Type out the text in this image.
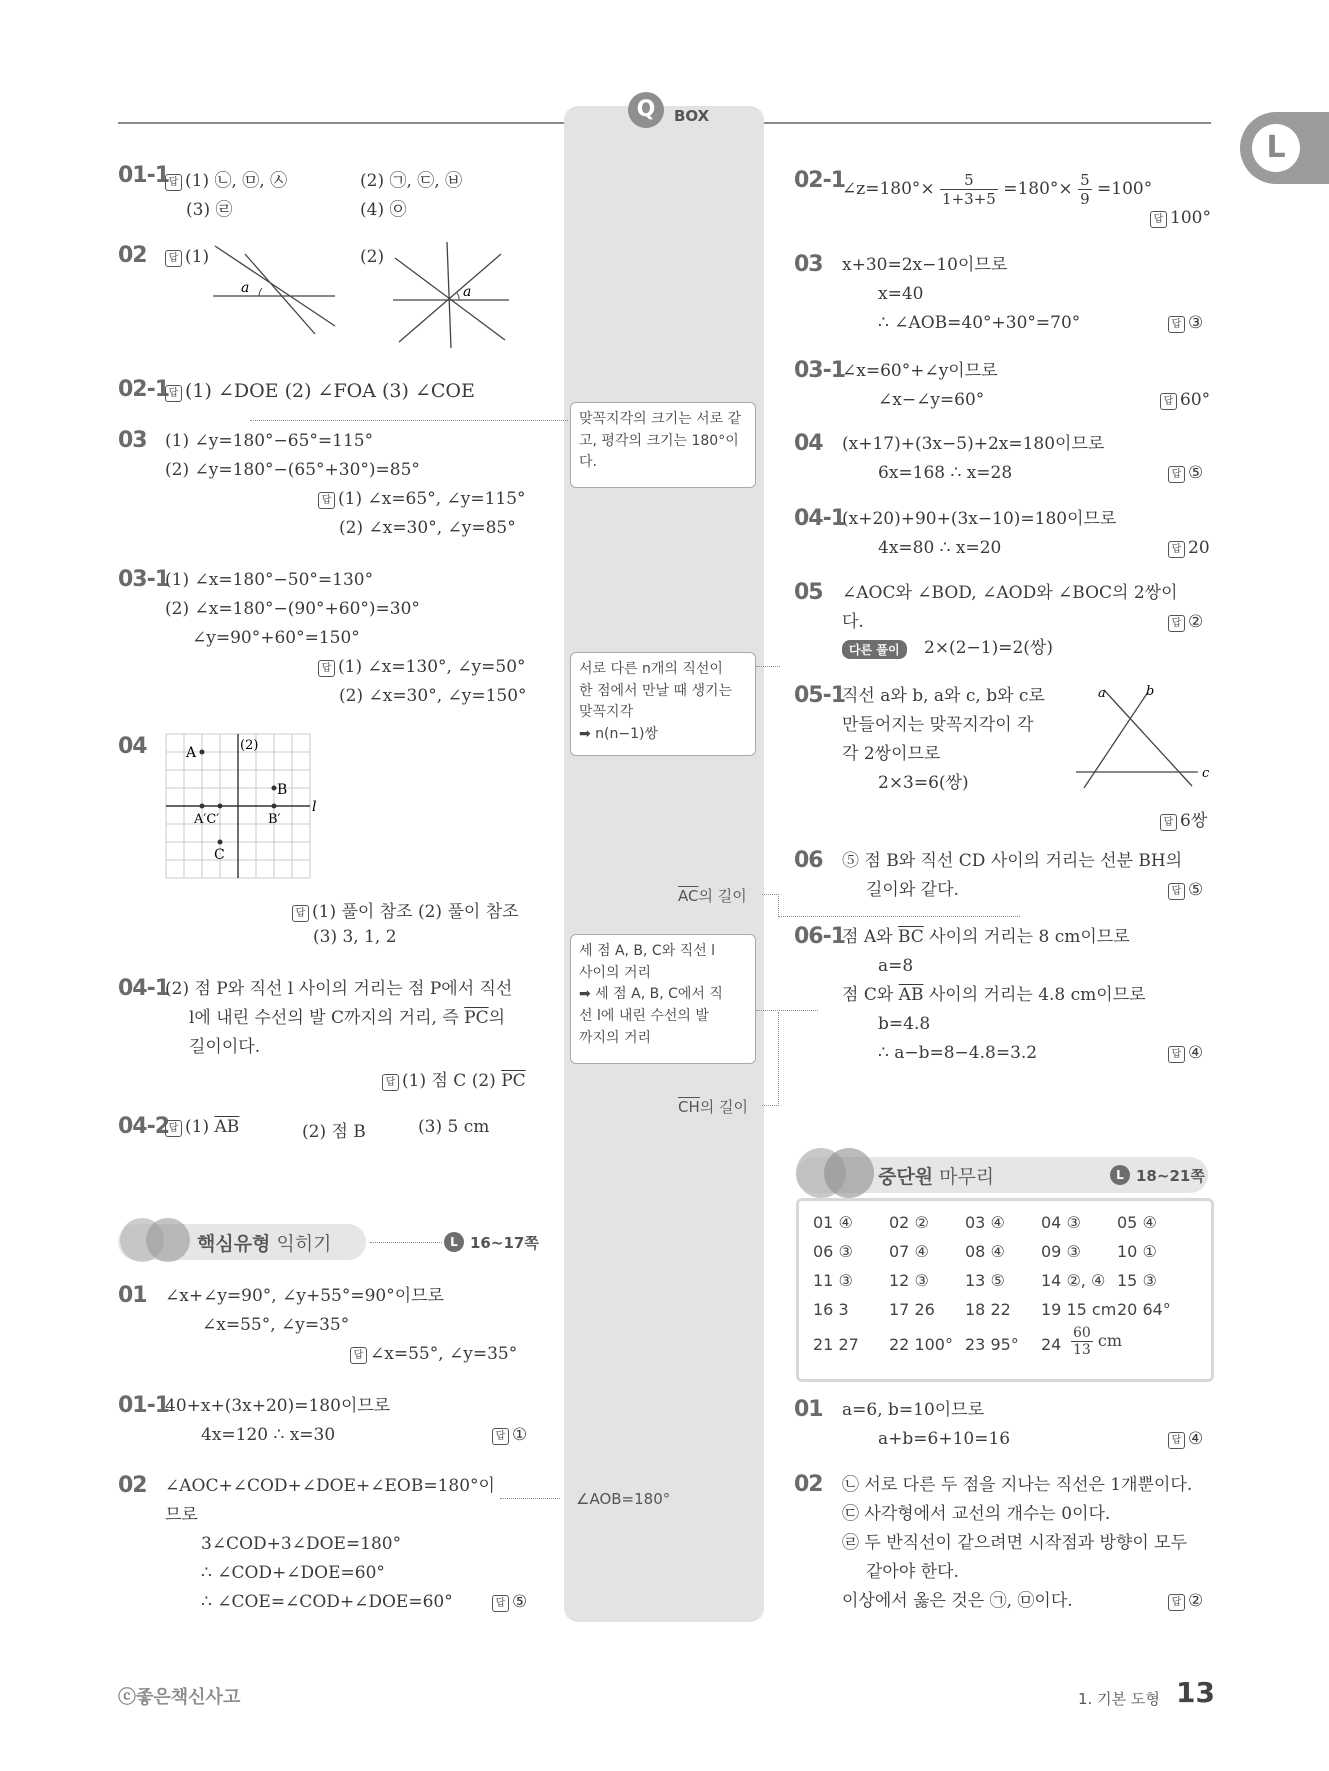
Q	BOX
L
01-1 답 (1) ㉡, ㉤, ㉦	(2) ㉠, ㉢, ㉥
(3) ㉣	(4) ㉧
02	답 (1)
a
(2)
a
02-1 답 (1) ∠DOE (2) ∠FOA (3) ∠COE
03 (1) ∠y=180°−65°=115°
(2) ∠y=180°−(65°+30°)=85°
답 (1) ∠x=65°, ∠y=115°
(2) ∠x=30°, ∠y=85°
03-1
(1) ∠x=180°−50°=130°
(2) ∠x=180°−(90°+60°)=30°
∠y=90°+60°=150°
답 (1) ∠x=130°, ∠y=50°
(2) ∠x=30°, ∠y=150°
04	A	(2)
B
A′C′	B′
C
l
답 (1) 풀이 참조 (2) 풀이 참조
(3) 3, 1, 2
04-1
(2) 점 P와 직선 l 사이의 거리는 점 P에서 직선
l에 내린 수선의 발 C까지의 거리, 즉 $\overline{PC}$의
길이이다.
답 (1) 점 C (2) $\overline{PC}$
04-2 답 (1) $\overline{AB}$	(2) 점 B	(3) 5 cm
핵심유형 익히기	L 16~17쪽
01 ∠x+∠y=90°, ∠y+55°=90°이므로
∠x=55°, ∠y=35°
답 ∠x=55°, ∠y=35°
01-1
40+x+(3x+20)=180이므로
4x=120 ∴ x=30	답 ①
02 ∠AOC+∠COD+∠DOE+∠EOB=180°이
므로
3∠COD+3∠DOE=180°
∴ ∠COD+∠DOE=60°
∴ ∠COE=∠COD+∠DOE=60°	답 ⑤
맞꼭지각의 크기는 서로 같
고, 평각의 크기는 180°이
다.
서로 다른 n개의 직선이
한 점에서 만날 때 생기는
맞꼭지각
➡ n(n−1)쌍
$\overline{AC}$의 길이
세 점 A, B, C와 직선 l
사이의 거리
➡ 세 점 A, B, C에서 직
선 l에 내린 수선의 발
까지의 거리
$\overline{CH}$의 길이
∠AOB=180°
02-1
∠z=180°× $\frac{5}{1+3+5} =180^\circ\times \frac{5}{9} =100^\circ$
답 100°
03 x+30=2x−10이므로
x=40
∴ ∠AOB=40°+30°=70°	답 ③
03-1
∠x=60°+∠y이므로
∠x−∠y=60°	답 60°
04 (x+17)+(3x−5)+2x=180이므로
6x=168 ∴ x=28	답 ⑤
04-1
(x+20)+90+(3x−10)=180이므로
4x=80 ∴ x=20	답 20
05 ∠AOC와 ∠BOD, ∠AOD와 ∠BOC의 2쌍이
다.	답 ②
다른 풀이	2×(2−1)=2(쌍)
05-1
직선 a와 b, a와 c, b와 c로
만들어지는 맞꼭지각이 각
각 2쌍이므로
2×3=6(쌍)
a	b
c
답 6쌍
06 ⑤ 점 B와 직선 CD 사이의 거리는 선분 BH의
길이와 같다.	답 ⑤
06-1
점 A와 $\overline{BC}$ 사이의 거리는 8 cm이므로
a=8
점 C와 $\overline{AB}$ 사이의 거리는 4.8 cm이므로
b=4.8
∴ a−b=8−4.8=3.2	답 ④
중단원 마무리	L 18~21쪽
01 ④ 02 ② 03 ④ 04 ③ 05 ④
06 ③ 07 ④ 08 ④ 09 ③ 10 ①
11 ③ 12 ③ 13 ⑤ 14 ②, ④ 15 ③
16 3	17 26 18 22 19 15 cm 20 64°
21 27 22 100° 23 95° $24 \frac{60}{13}$ cm
01 a=6, b=10이므로
a+b=6+10=16	답 ④
02 ㉡ 서로 다른 두 점을 지나는 직선은 1개뿐이다.
㉢ 사각형에서 교선의 개수는 0이다.
㉣ 두 반직선이 같으려면 시작점과 방향이 모두
같아야 한다.
이상에서 옳은 것은 ㉠, ㉤이다.	답 ②
ⓒ좋은책신사고	1. 기본 도형 13
